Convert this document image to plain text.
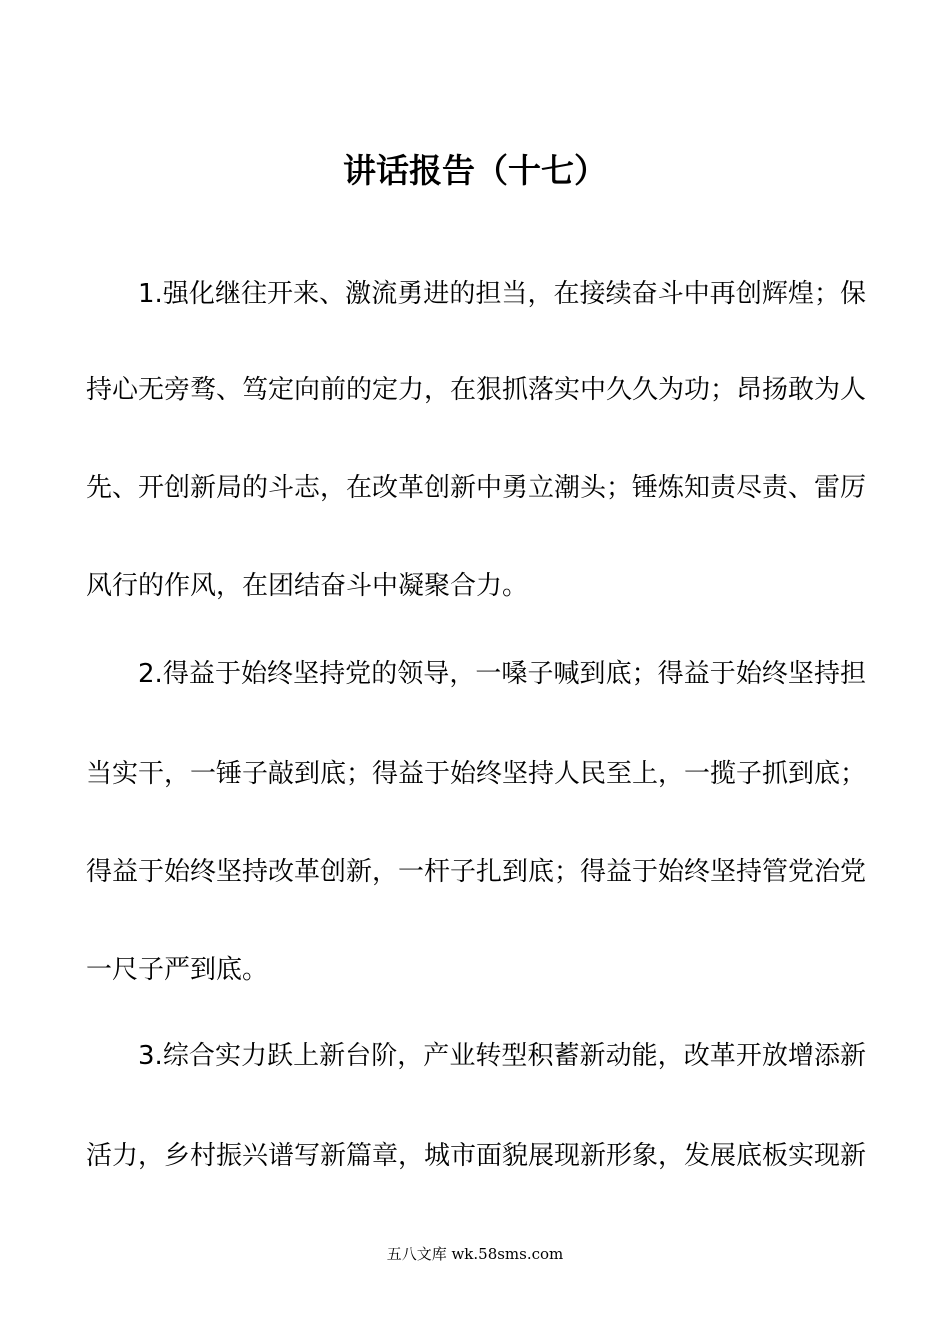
讲话报告（十七）
1.强化继往开来、激流勇进的担当，在接续奋斗中再创辉煌；保
持心无旁骛、笃定向前的定力，在狠抓落实中久久为功；昂扬敢为人
先、开创新局的斗志，在改革创新中勇立潮头；锤炼知责尽责、雷厉
风行的作风，在团结奋斗中凝聚合力。
2.得益于始终坚持党的领导，一嗓子喊到底；得益于始终坚持担
当实干，一锤子敲到底；得益于始终坚持人民至上，一揽子抓到底；
得益于始终坚持改革创新，一杆子扎到底；得益于始终坚持管党治党
一尺子严到底。
3.综合实力跃上新台阶，产业转型积蓄新动能，改革开放增添新
活力，乡村振兴谱写新篇章，城市面貌展现新形象，发展底板实现新
五八文库 wk.58sms.com
